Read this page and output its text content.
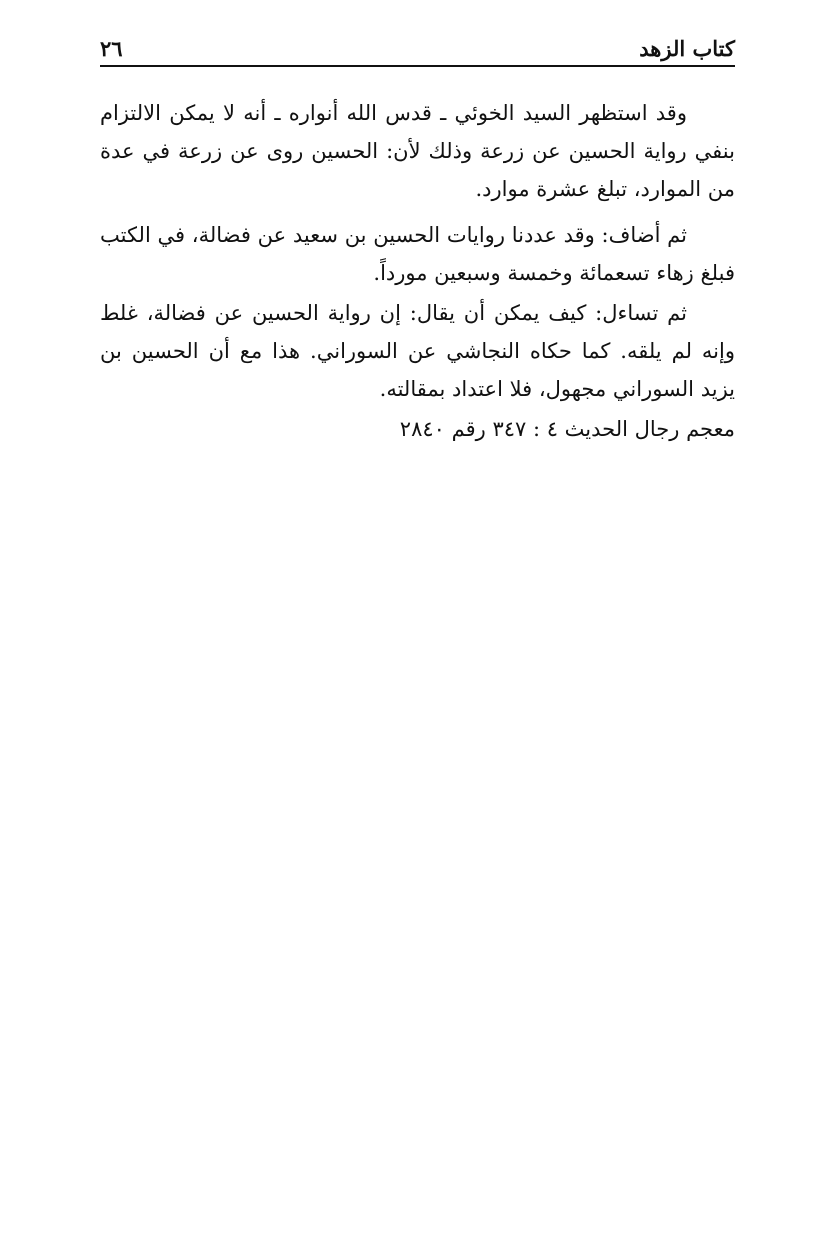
كتاب الزهد
٢٦

وقد استظهر السيد الخوئي ـ قدس الله أنواره ـ أنه لا يمكن الالتزام بنفي رواية الحسين عن زرعة وذلك لأن: الحسين روى عن زرعة في عدة من الموارد، تبلغ عشرة موارد.

ثم أضاف: وقد عددنا روايات الحسين بن سعيد عن فضالة، في الكتب فبلغ زهاء تسعمائة وخمسة وسبعين مورداً.

ثم تساءل: كيف يمكن أن يقال: إن رواية الحسين عن فضالة، غلط وإنه لم يلقه. كما حكاه النجاشي عن السوراني. هذا مع أن الحسين بن يزيد السوراني مجهول، فلا اعتداد بمقالته.

معجم رجال الحديث ٤ : ٣٤٧ رقم ٢٨٤٠
